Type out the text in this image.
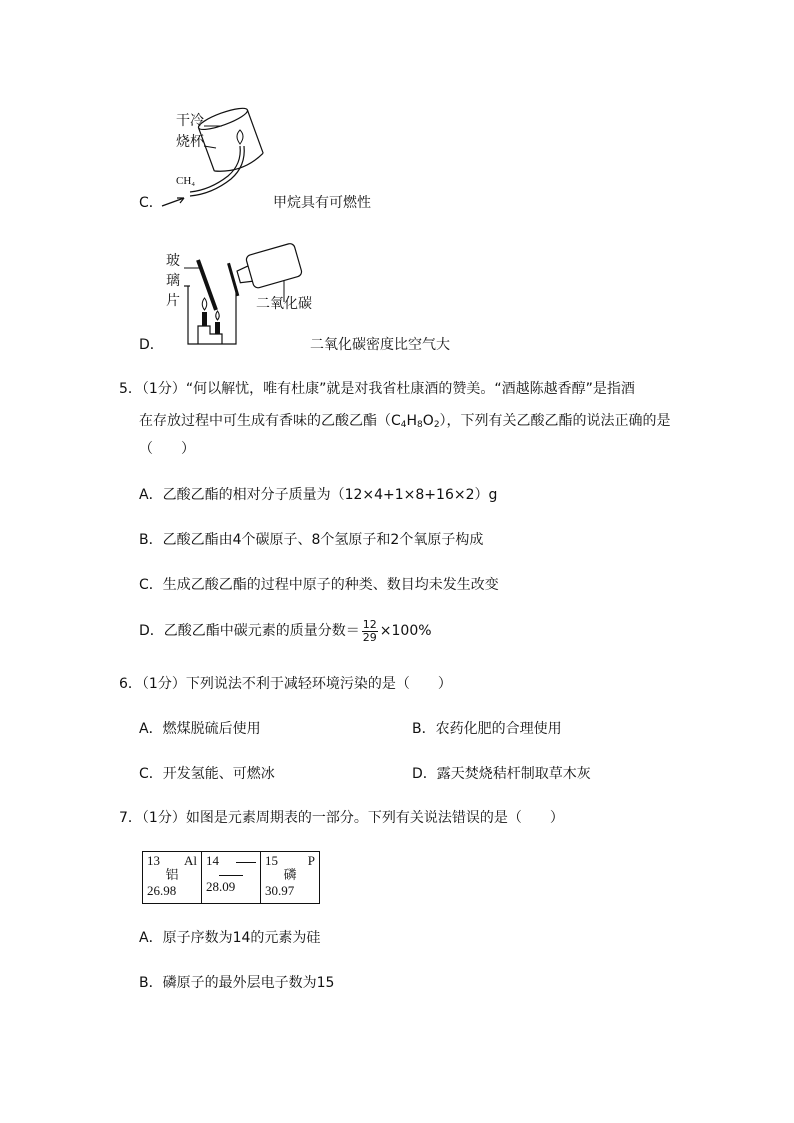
干冷
烧杯
CH₄
C．	甲烷具有可燃性
玻
璃
片	二氧化碳
D．	二氧化碳密度比空气大
5．（1分）“何以解忧，唯有杜康”就是对我省杜康酒的赞美。“酒越陈越香醇”是指酒
在存放过程中可生成有香味的乙酸乙酯$(C_4H_8O_2)$，下列有关乙酸乙酯的说法正确的是
（　　）
A．乙酸乙酯的相对分子质量为（12×4+1×8+16×2）g
B．乙酸乙酯由4个碳原子、8个氢原子和2个氧原子构成
C．生成乙酸乙酯的过程中原子的种类、数目均未发生改变
D．乙酸乙酯中碳元素的质量分数＝ $\frac{12}{29} \times 100\%$
6．（1分）下列说法不利于减轻环境污染的是（　　）
A．燃煤脱硫后使用	B．农药化肥的合理使用
C．开发氢能、可燃冰	D．露天焚烧秸杆制取草木灰
7．（1分）如图是元素周期表的一部分。下列有关说法错误的是（　　）
13 Al
铝
26.98

14
28.09

15 P
磷
30.97
A．原子序数为14的元素为硅
B．磷原子的最外层电子数为15
